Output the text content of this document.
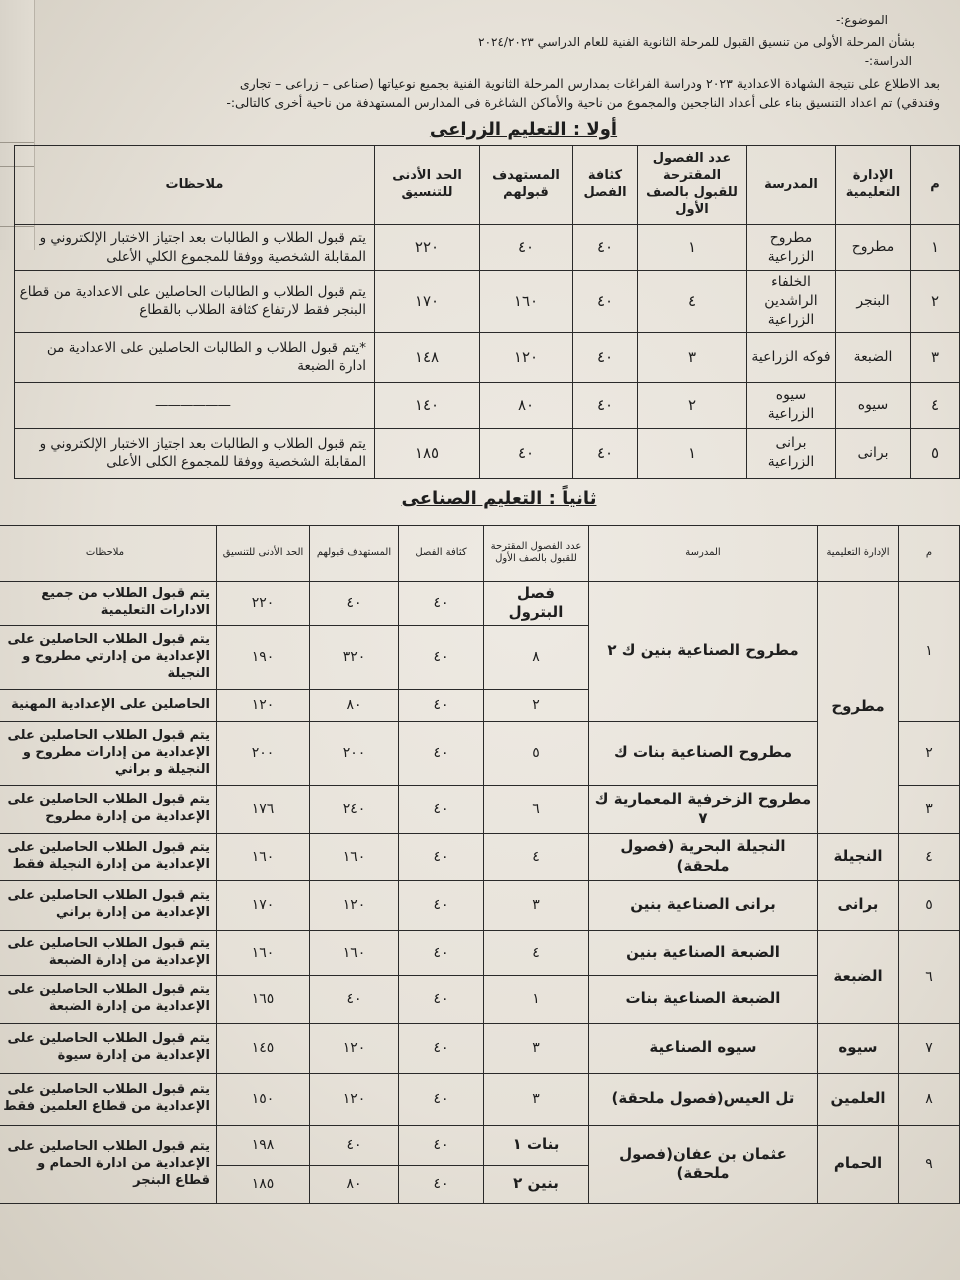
الموضوع:-
بشأن المرحلة الأولى من تنسيق القبول للمرحلة الثانوية الفنية للعام الدراسي ٢٠٢٤/٢٠٢٣
الدراسة:-
بعد الاطلاع على نتيجة الشهادة الاعدادية ٢٠٢٣ ودراسة الفراغات بمدارس المرحلة الثانوية الفنية بجميع نوعياتها (صناعى – زراعى – تجارى
وفندقي) تم اعداد التنسيق بناء على أعداد الناجحين والمجموع من ناحية والأماكن الشاغرة فى المدارس المستهدفة من ناحية أخرى كالتالى:-
أولا : التعليم الزراعى
م	الإدارة التعليمية	المدرسة	عدد الفصول المقترحة للقبول بالصف الأول	كثافة الفصل	المستهدف قبولهم	الحد الأدنى للتنسيق	ملاحظات
١	مطروح	مطروح الزراعية	١	٤٠	٤٠	٢٢٠	يتم قبول الطلاب و الطالبات بعد اجتياز الاختبار الإلكتروني و المقابلة الشخصية ووفقا للمجموع الكلي الأعلى
٢	البنجر	الخلفاء الراشدين الزراعية	٤	٤٠	١٦٠	١٧٠	يتم قبول الطلاب و الطالبات الحاصلين على الاعدادية من قطاع البنجر فقط لارتفاع كثافة الطلاب بالقطاع
٣	الضبعة	فوكه الزراعية	٣	٤٠	١٢٠	١٤٨	*يتم قبول الطلاب و الطالبات الحاصلين على الاعدادية من ادارة الضبعة
٤	سيوه	سيوه الزراعية	٢	٤٠	٨٠	١٤٠	——————
٥	برانى	برانى الزراعية	١	٤٠	٤٠	١٨٥	يتم قبول الطلاب و الطالبات بعد اجتياز الاختبار الإلكتروني و المقابلة الشخصية ووفقا للمجموع الكلى الأعلى
ثانياً : التعليم الصناعى
م	الإدارة التعليمية	المدرسة	عدد الفصول المقترحة للقبول بالصف الأول	كثافة الفصل	المستهدف قبولهم	الحد الأدنى للتنسيق	ملاحظات
١	مطروح	مطروح الصناعية بنين ك ٢	فصل البترول	٤٠	٤٠	٢٢٠	يتم قبول الطلاب من جميع الادارات التعليمية
			٨	٤٠	٣٢٠	١٩٠	يتم قبول الطلاب الحاصلين على الإعدادية من إدارتي مطروح و النجيلة
			٢	٤٠	٨٠	١٢٠	الحاصلين على الإعدادية المهنية
٢		مطروح الصناعية بنات ك	٥	٤٠	٢٠٠	٢٠٠	يتم قبول الطلاب الحاصلين على الإعدادية من إدارات مطروح و النجيلة و براني
٣		مطروح الزخرفية المعمارية ك ٧	٦	٤٠	٢٤٠	١٧٦	يتم قبول الطلاب الحاصلين على الإعدادية من إدارة مطروح
٤	النجيلة	النجيلة البحرية (فصول ملحقة)	٤	٤٠	١٦٠	١٦٠	يتم قبول الطلاب الحاصلين على الإعدادية من إدارة النجيلة فقط
٥	برانى	برانى الصناعية بنين	٣	٤٠	١٢٠	١٧٠	يتم قبول الطلاب الحاصلين على الإعدادية من إدارة براني
٦	الضبعة	الضبعة الصناعية بنين	٤	٤٠	١٦٠	١٦٠	يتم قبول الطلاب الحاصلين على الإعدادية من إدارة الضبعة
		الضبعة الصناعية بنات	١	٤٠	٤٠	١٦٥	يتم قبول الطلاب الحاصلين على الإعدادية من إدارة الضبعة
٧	سيوه	سيوه الصناعية	٣	٤٠	١٢٠	١٤٥	يتم قبول الطلاب الحاصلين على الإعدادية من إدارة سيوة
٨	العلمين	تل العيس(فصول ملحقة)	٣	٤٠	١٢٠	١٥٠	يتم قبول الطلاب الحاصلين على الإعدادية من قطاع العلمين فقط
٩	الحمام	عثمان بن عفان(فصول ملحقة)	بنات ١	٤٠	٤٠	١٩٨	يتم قبول الطلاب الحاصلين على الإعدادية من ادارة الحمام و قطاع البنجر
			بنين ٢	٤٠	٨٠	١٨٥	
